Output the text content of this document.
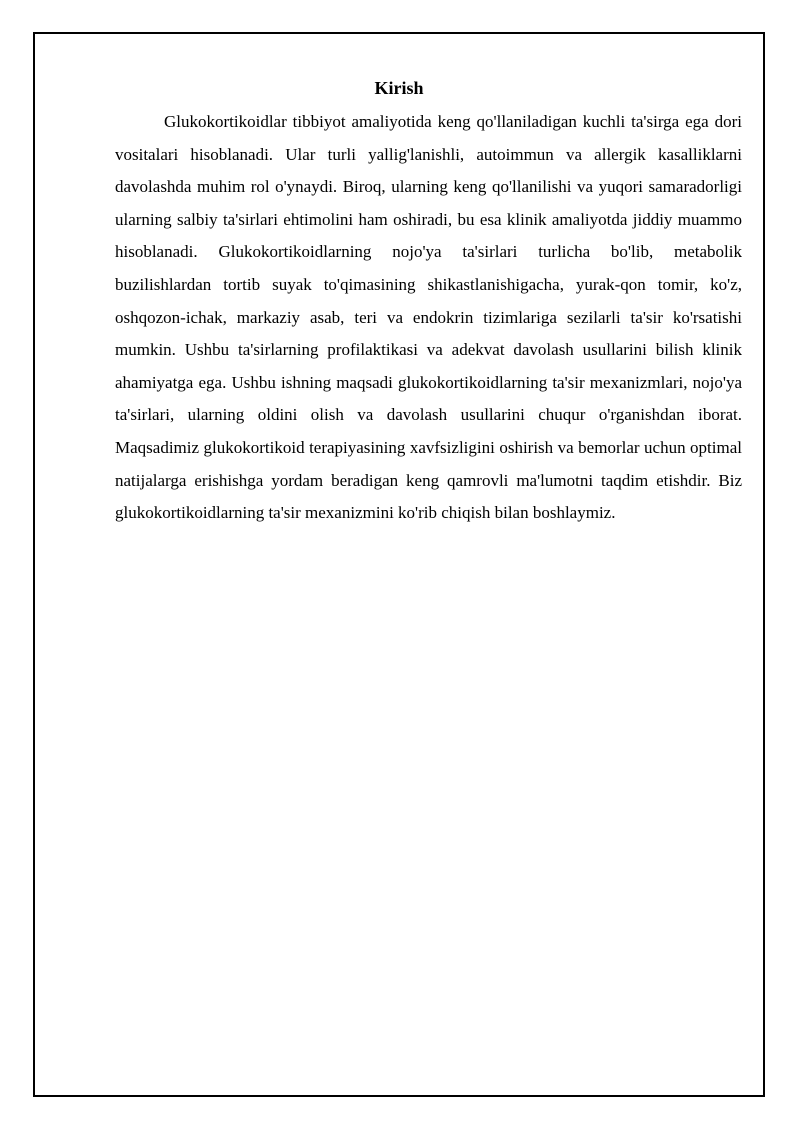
Kirish

Glukokortikoidlar tibbiyot amaliyotida keng qo'llaniladigan kuchli ta'sirga ega dori vositalari hisoblanadi. Ular turli yallig'lanishli, autoimmun va allergik kasalliklarni davolashda muhim rol o'ynaydi. Biroq, ularning keng qo'llanilishi va yuqori samaradorligi ularning salbiy ta'sirlari ehtimolini ham oshiradi, bu esa klinik amaliyotda jiddiy muammo hisoblanadi. Glukokortikoidlarning nojo'ya ta'sirlari turlicha bo'lib, metabolik buzilishlardan tortib suyak to'qimasining shikastlanishigacha, yurak-qon tomir, ko'z, oshqozon-ichak, markaziy asab, teri va endokrin tizimlariga sezilarli ta'sir ko'rsatishi mumkin. Ushbu ta'sirlarning profilaktikasi va adekvat davolash usullarini bilish klinik ahamiyatga ega. Ushbu ishning maqsadi glukokortikoidlarning ta'sir mexanizmlari, nojo'ya ta'sirlari, ularning oldini olish va davolash usullarini chuqur o'rganishdan iborat. Maqsadimiz glukokortikoid terapiyasining xavfsizligini oshirish va bemorlar uchun optimal natijalarga erishishga yordam beradigan keng qamrovli ma'lumotni taqdim etishdir. Biz glukokortikoidlarning ta'sir mexanizmini ko'rib chiqish bilan boshlaymiz.
